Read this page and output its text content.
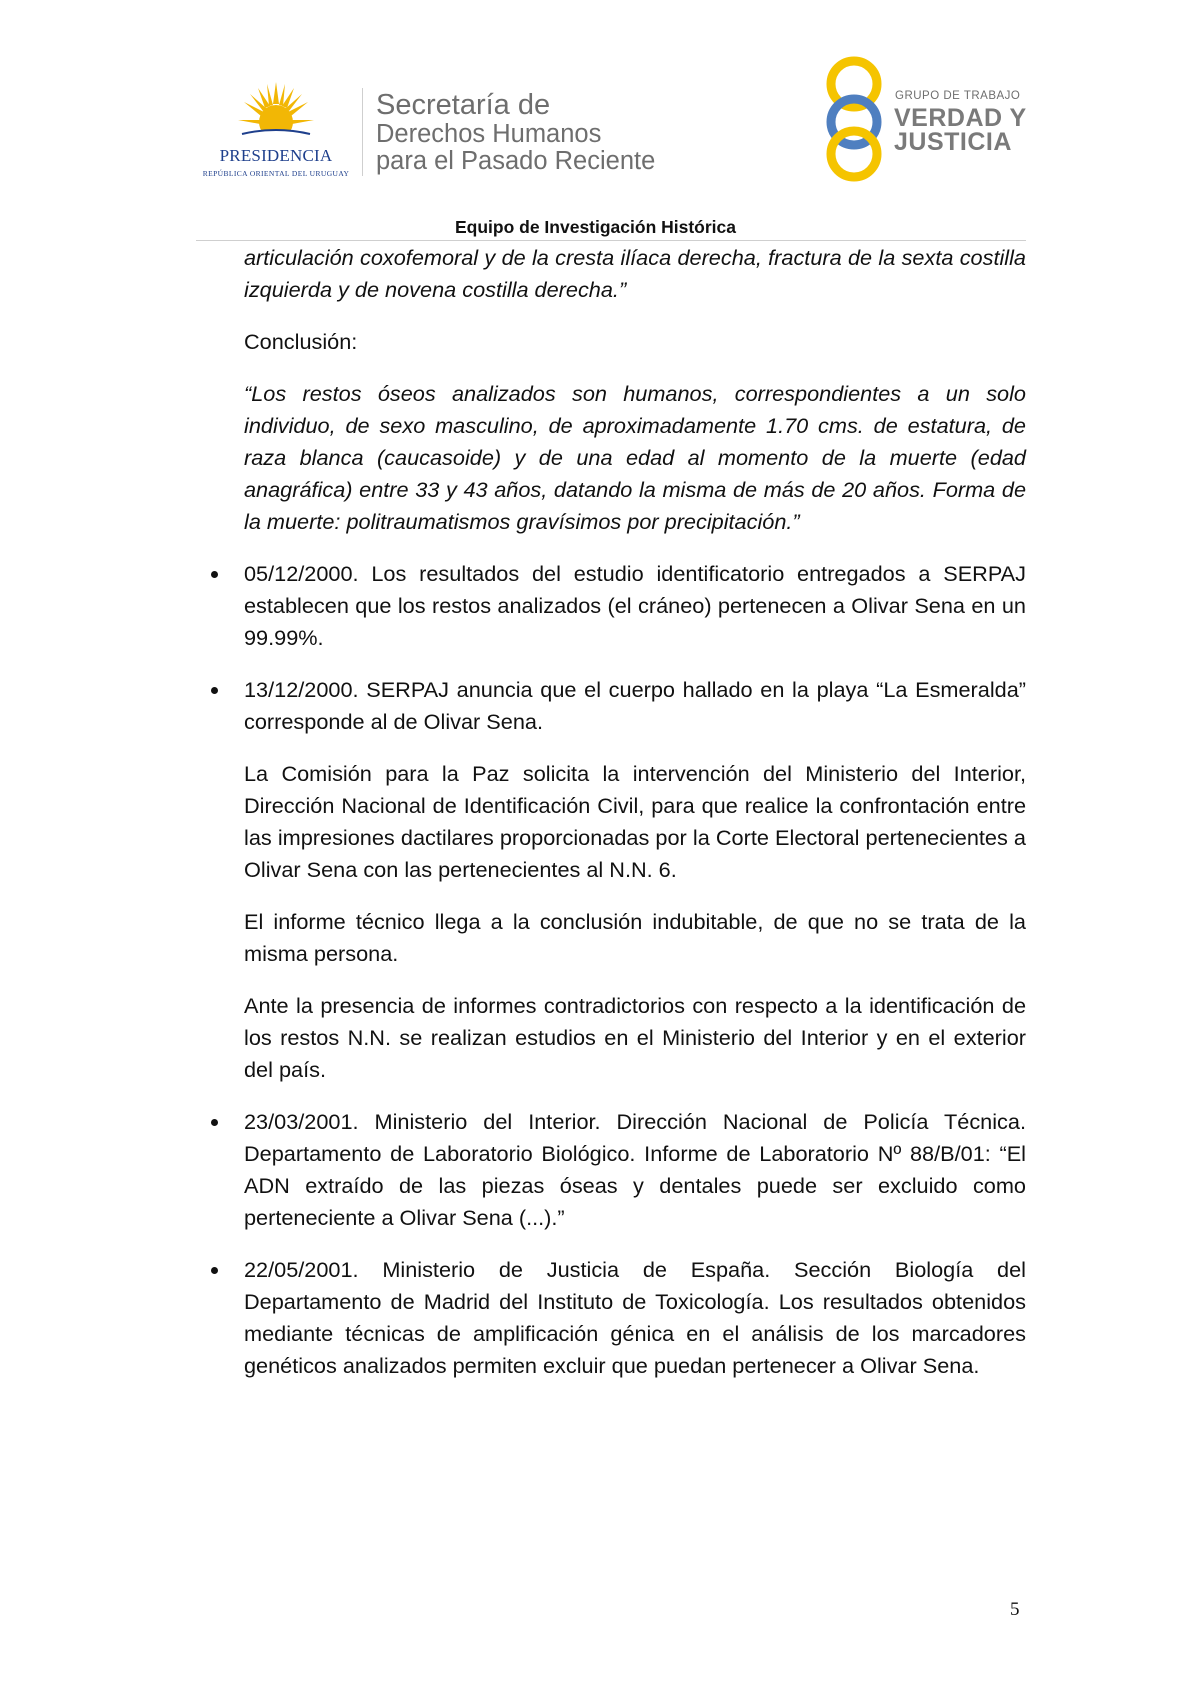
PRESIDENCIA
REPÚBLICA ORIENTAL DEL URUGUAY
Secretaría de
Derechos Humanos
para el Pasado Reciente
GRUPO DE TRABAJO
VERDAD Y
JUSTICIA
Equipo de Investigación Histórica

articulación coxofemoral y de la cresta ilíaca derecha, fractura de la sexta costilla izquierda y de novena costilla derecha.”

Conclusión:

“Los restos óseos analizados son humanos, correspondientes a un solo individuo, de sexo masculino, de aproximadamente 1.70 cms. de estatura, de raza blanca (caucasoide) y de una edad al momento de la muerte (edad anagráfica) entre 33 y 43 años, datando la misma de más de 20 años. Forma de la muerte: politraumatismos gravísimos por precipitación.”

05/12/2000. Los resultados del estudio identificatorio entregados a SERPAJ establecen que los restos analizados (el cráneo) pertenecen a Olivar Sena en un 99.99%.

13/12/2000. SERPAJ anuncia que el cuerpo hallado en la playa “La Esmeralda” corresponde al de Olivar Sena.

La Comisión para la Paz solicita la intervención del Ministerio del Interior, Dirección Nacional de Identificación Civil, para que realice la confrontación entre las impresiones dactilares proporcionadas por la Corte Electoral pertenecientes a Olivar Sena con las pertenecientes al N.N. 6.

El informe técnico llega a la conclusión indubitable, de que no se trata de la misma persona.

Ante la presencia de informes contradictorios con respecto a la identificación de los restos N.N. se realizan estudios en el Ministerio del Interior y en el exterior del país.

23/03/2001. Ministerio del Interior. Dirección Nacional de Policía Técnica. Departamento de Laboratorio Biológico. Informe de Laboratorio Nº 88/B/01: “El ADN extraído de las piezas óseas y dentales puede ser excluido como perteneciente a Olivar Sena (...).”

22/05/2001. Ministerio de Justicia de España. Sección Biología del Departamento de Madrid del Instituto de Toxicología. Los resultados obtenidos mediante técnicas de amplificación génica en el análisis de los marcadores genéticos analizados permiten excluir que puedan pertenecer a Olivar Sena.

5
